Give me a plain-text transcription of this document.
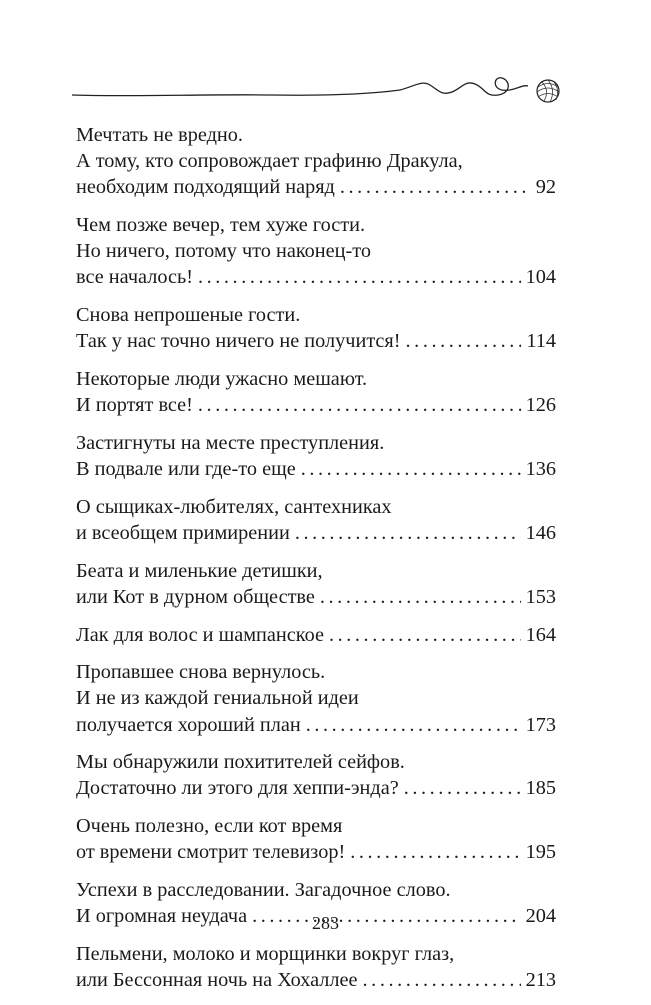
Мечтать не вредно.
А тому, кто сопровождает графиню Дракула,
необходим подходящий наряд . . .	92
Чем позже вечер, тем хуже гости.
Но ничего, потому что наконец-то
все началось! . . .	104
Снова непрошеные гости.
Так у нас точно ничего не получится! . . .	114
Некоторые люди ужасно мешают.
И портят все! . . .	126
Застигнуты на месте преступления.
В подвале или где-то еще . . .	136
О сыщиках-любителях, сантехниках
и всеобщем примирении . . .	146
Беата и миленькие детишки,
или Кот в дурном обществе . . .	153
Лак для волос и шампанское . . .	164
Пропавшее снова вернулось.
И не из каждой гениальной идеи
получается хороший план . . .	173
Мы обнаружили похитителей сейфов.
Достаточно ли этого для хеппи-энда? . . .	185
Очень полезно, если кот время
от времени смотрит телевизор! . . .	195
Успехи в расследовании. Загадочное слово.
И огромная неудача . . .	204
Пельмени, молоко и морщинки вокруг глаз,
или Бессонная ночь на Хохаллее . . .	213
283
